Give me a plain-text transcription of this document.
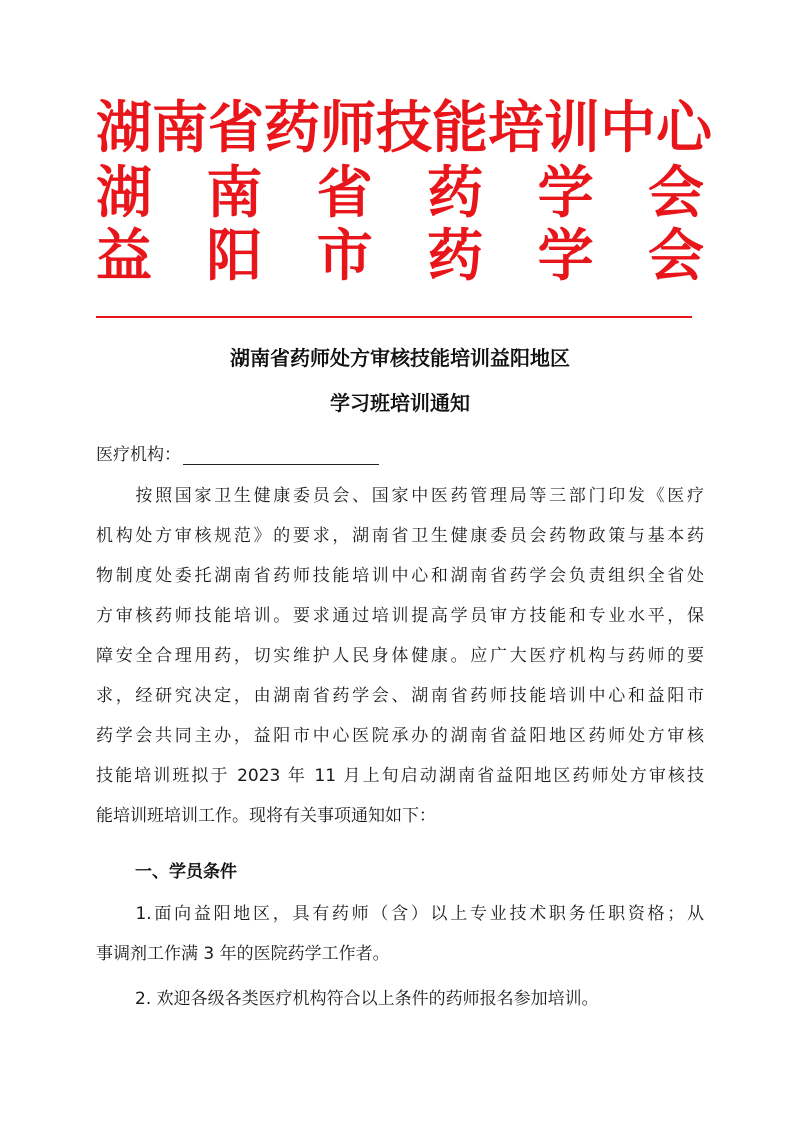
湖 南 省 药 师 技 能 培 训 中 心
湖 南 省 药 学 会
益 阳 市 药 学 会
湖南省药师处方审核技能培训益阳地区
学习班培训通知
医疗机构：
　　按照国家卫生健康委员会、国家中医药管理局等三部门印发《医疗
机构处方审核规范》的要求，湖南省卫生健康委员会药物政策与基本药
物制度处委托湖南省药师技能培训中心和湖南省药学会负责组织全省处
方审核药师技能培训。要求通过培训提高学员审方技能和专业水平，保
障安全合理用药，切实维护人民身体健康。应广大医疗机构与药师的要
求，经研究决定，由湖南省药学会、湖南省药师技能培训中心和益阳市
药学会共同主办，益阳市中心医院承办的湖南省益阳地区药师处方审核
技能培训班拟于 2023 年 11 月上旬启动湖南省益阳地区药师处方审核技
能培训班培训工作。现将有关事项通知如下：
一、学员条件
　　1.面向益阳地区，具有药师（含）以上专业技术职务任职资格；从
事调剂工作满 3 年的医院药学工作者。
2. 欢迎各级各类医疗机构符合以上条件的药师报名参加培训。
